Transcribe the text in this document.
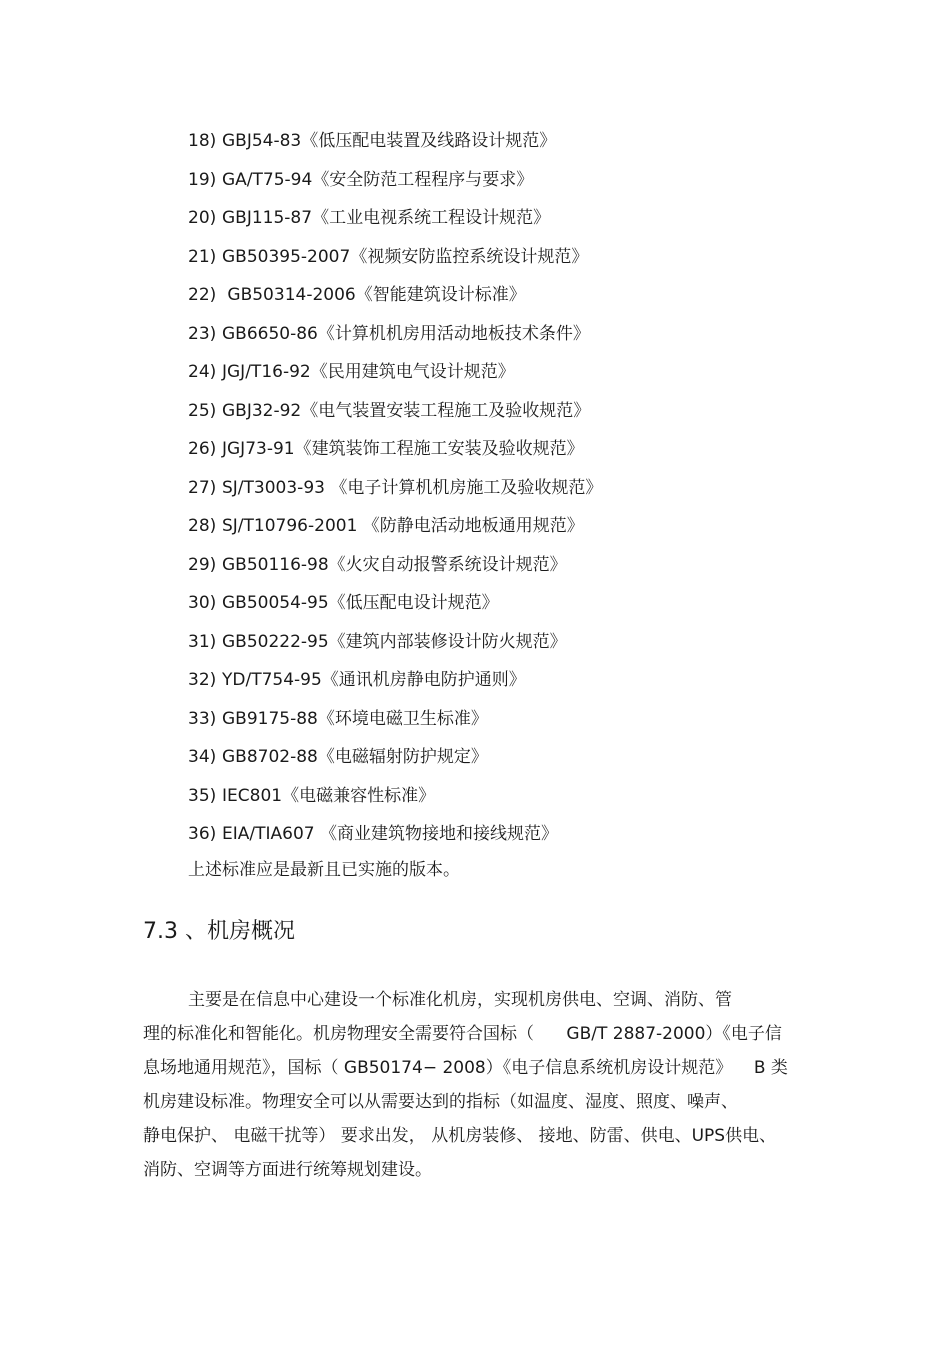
18) GBJ54-83《低压配电装置及线路设计规范》
19) GA/T75-94《安全防范工程程序与要求》
20) GBJ115-87《工业电视系统工程设计规范》
21) GB50395-2007《视频安防监控系统设计规范》
22) GB50314-2006《智能建筑设计标准》
23) GB6650-86《计算机机房用活动地板技术条件》
24) JGJ/T16-92《民用建筑电气设计规范》
25) GBJ32-92《电气装置安装工程施工及验收规范》
26) JGJ73-91《建筑装饰工程施工安装及验收规范》
27) SJ/T3003-93 《电子计算机机房施工及验收规范》
28) SJ/T10796-2001 《防静电活动地板通用规范》
29) GB50116-98《火灾自动报警系统设计规范》
30) GB50054-95《低压配电设计规范》
31) GB50222-95《建筑内部装修设计防火规范》
32) YD/T754-95《通讯机房静电防护通则》
33) GB9175-88《环境电磁卫生标准》
34) GB8702-88《电磁辐射防护规定》
35) IEC801《电磁兼容性标准》
36) EIA/TIA607 《商业建筑物接地和接线规范》
上述标准应是最新且已实施的版本。
7.3 、机房概况
主要是在信息中心建设一个标准化机房，实现机房供电、空调、消防、管
理的标准化和智能化。机房物理安全需要符合国标（      GB/T 2887-2000）《电子信
息场地通用规范》，国标（ GB50174− 2008）《电子信息系统机房设计规范》    B 类
机房建设标准。物理安全可以从需要达到的指标（如温度、湿度、照度、噪声、
静电保护、 电磁干扰等） 要求出发， 从机房装修、 接地、防雷、供电、UPS供电、
消防、空调等方面进行统筹规划建设。
